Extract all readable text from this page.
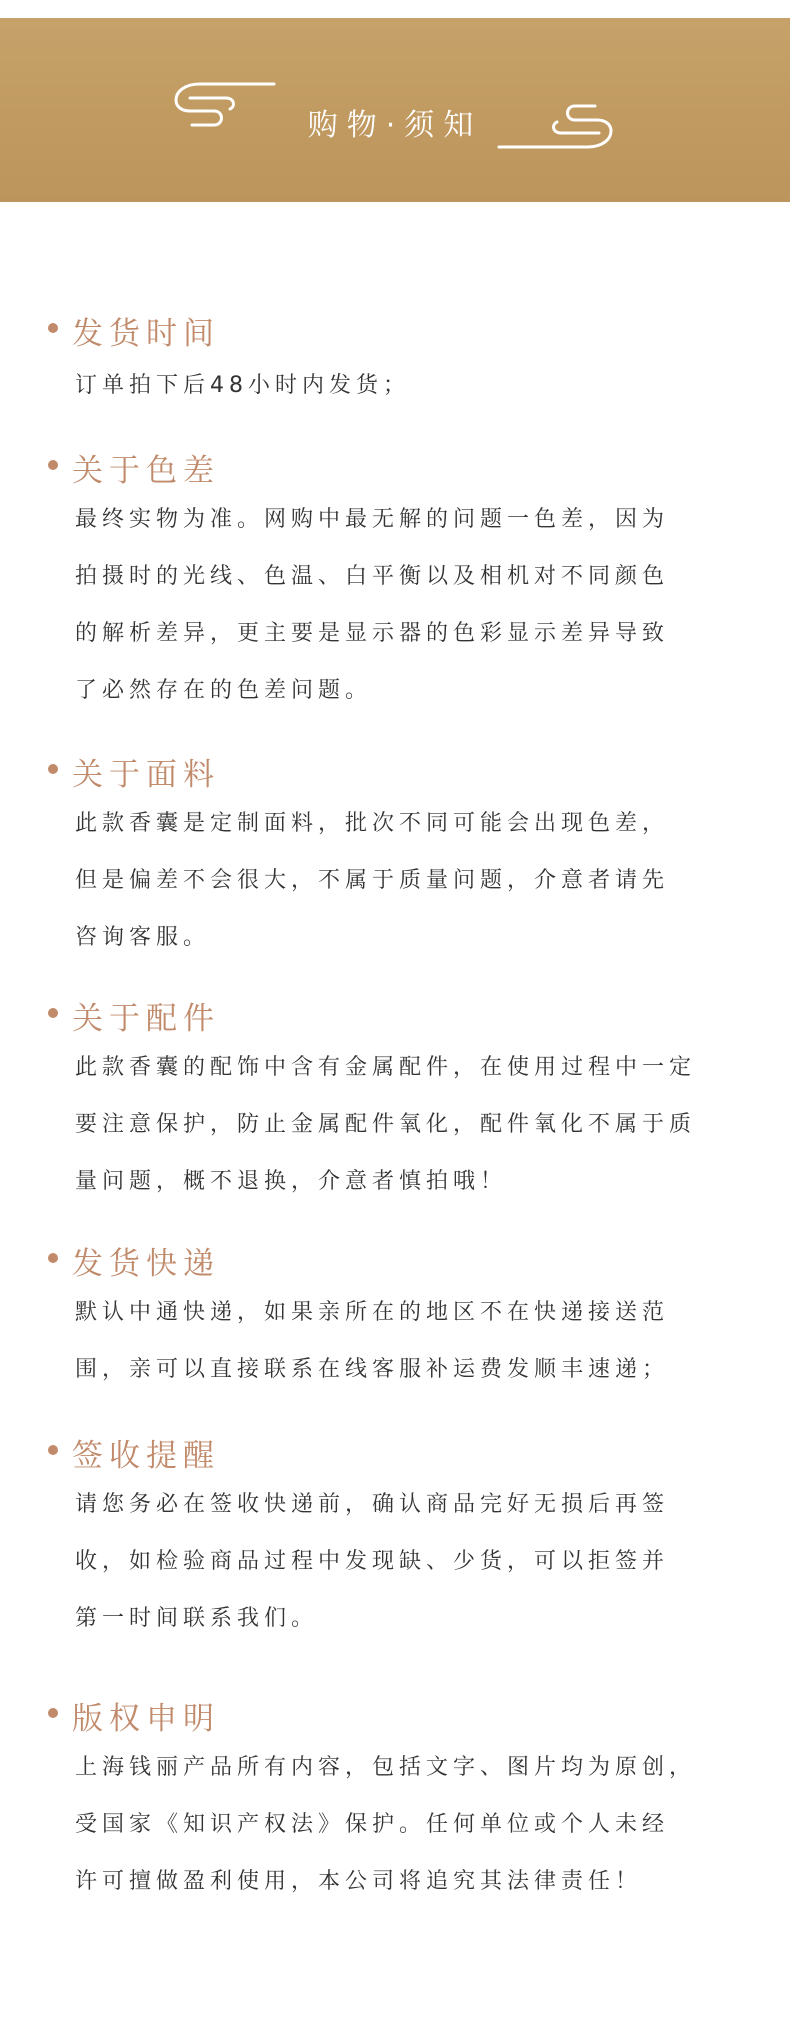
购物·须知
发货时间
订单拍下后48小时内发货；
关于色差
最终实物为准。网购中最无解的问题一色差，因为
拍摄时的光线、色温、白平衡以及相机对不同颜色
的解析差异，更主要是显示器的色彩显示差异导致
了必然存在的色差问题。
关于面料
此款香囊是定制面料，批次不同可能会出现色差，
但是偏差不会很大，不属于质量问题，介意者请先
咨询客服。
关于配件
此款香囊的配饰中含有金属配件，在使用过程中一定
要注意保护，防止金属配件氧化，配件氧化不属于质
量问题，概不退换，介意者慎拍哦！
发货快递
默认中通快递，如果亲所在的地区不在快递接送范
围，亲可以直接联系在线客服补运费发顺丰速递；
签收提醒
请您务必在签收快递前，确认商品完好无损后再签
收，如检验商品过程中发现缺、少货，可以拒签并
第一时间联系我们。
版权申明
上海钱丽产品所有内容，包括文字、图片均为原创，
受国家《知识产权法》保护。任何单位或个人未经
许可擅做盈利使用，本公司将追究其法律责任！
